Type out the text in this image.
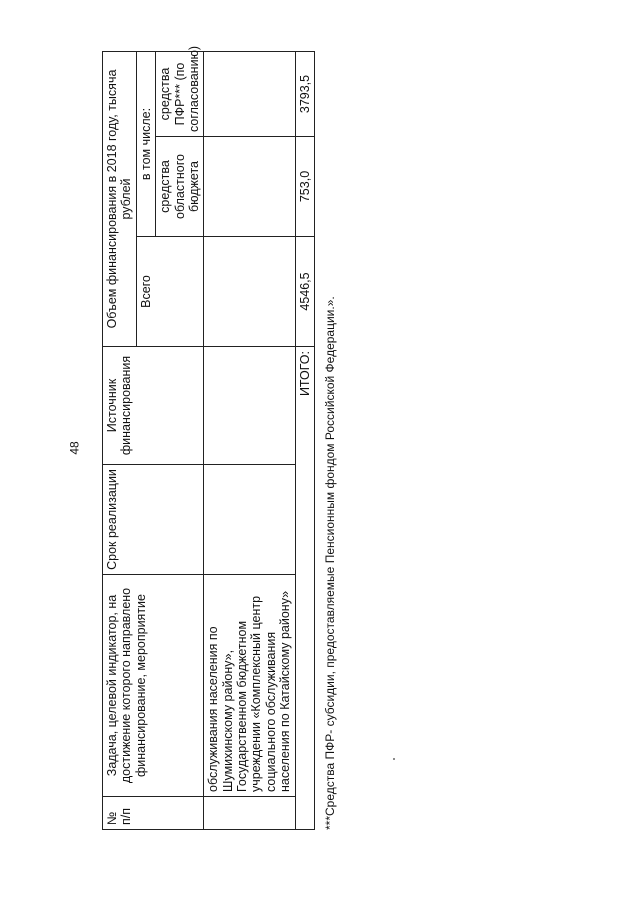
48
№ п/п	Задача, целевой индикатор, на достижение которого направлено финансирование, мероприятие	Срок реализации	Источник финансирования	Объем финансирования в 2018 году, тысяча рублей		
				Всего	в том числе:	
					средства областного бюджета	средства ПФР*** (по согласованию)
	обслуживания населения по Шумихинскому району», Государственном бюджетном учреждении «Комплексный центр социального обслуживания населения по Катайскому району»					
ИТОГО:				4546,5	753,0	3793,5
***Средства ПФР- субсидии, предоставляемые Пенсионным фондом Российской Федерации.».
